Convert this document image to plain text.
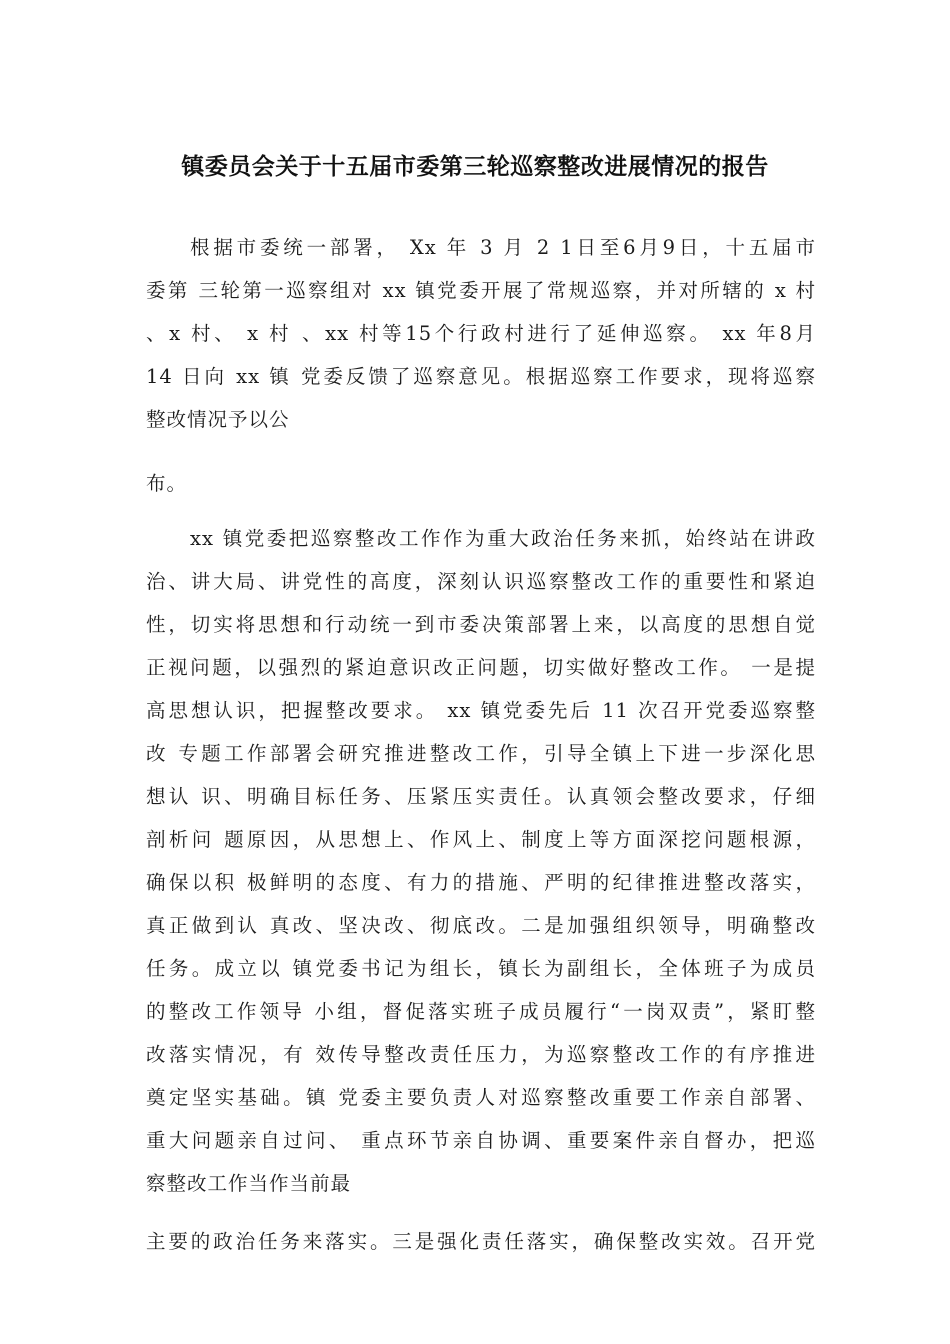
镇委员会关于十五届市委第三轮巡察整改进展情况的报告
根据市委统一部署， Xx 年 3 月 2 1日至6月9日，十五届市
委第 三轮第一巡察组对 xx 镇党委开展了常规巡察，并对所辖的 x 村
、x 村、 x 村 、xx 村等15个行政村进行了延伸巡察。 xx 年8月
14 日向 xx 镇 党委反馈了巡察意见。根据巡察工作要求，现将巡察
整改情况予以公
布。
xx 镇党委把巡察整改工作作为重大政治任务来抓，始终站在讲政
治、讲大局、讲党性的高度，深刻认识巡察整改工作的重要性和紧迫
性，切实将思想和行动统一到市委决策部署上来，以高度的思想自觉
正视问题，以强烈的紧迫意识改正问题，切实做好整改工作。 一是提
高思想认识，把握整改要求。 xx 镇党委先后 11 次召开党委巡察整
改 专题工作部署会研究推进整改工作，引导全镇上下进一步深化思
想认 识、明确目标任务、压紧压实责任。认真领会整改要求，仔细
剖析问 题原因，从思想上、作风上、制度上等方面深挖问题根源，
确保以积 极鲜明的态度、有力的措施、严明的纪律推进整改落实，
真正做到认 真改、坚决改、彻底改。二是加强组织领导，明确整改
任务。成立以 镇党委书记为组长，镇长为副组长，全体班子为成员
的整改工作领导 小组，督促落实班子成员履行“一岗双责”，紧盯整
改落实情况，有 效传导整改责任压力，为巡察整改工作的有序推进
奠定坚实基础。镇 党委主要负责人对巡察整改重要工作亲自部署、
重大问题亲自过问、 重点环节亲自协调、重要案件亲自督办，把巡
察整改工作当作当前最
主要的政治任务来落实。三是强化责任落实，确保整改实效。召开党
